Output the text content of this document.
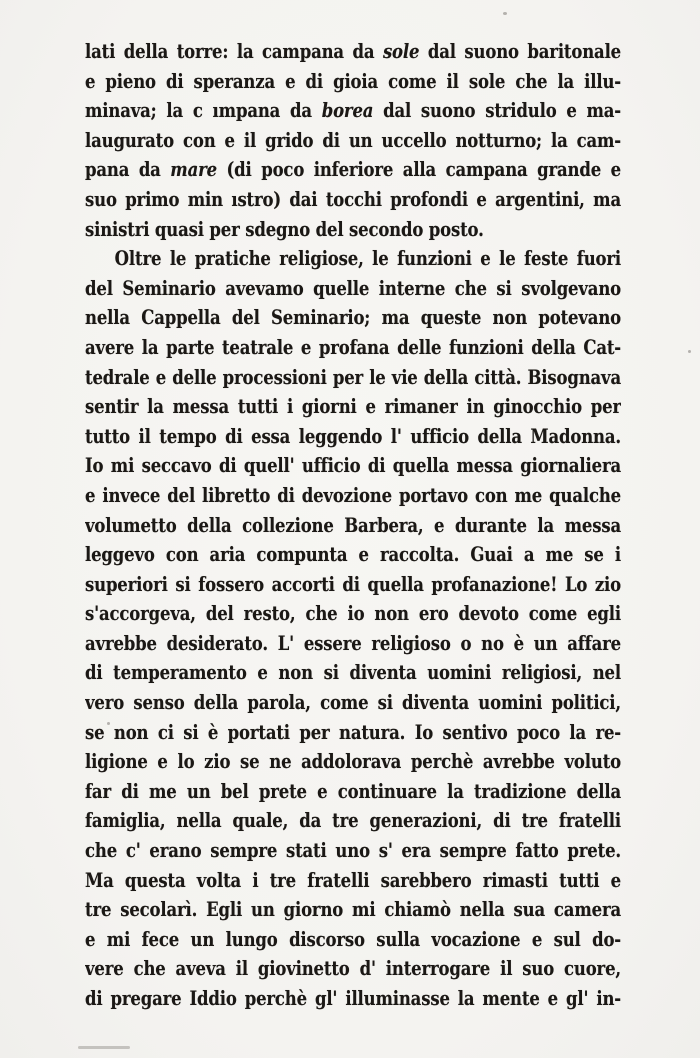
lati della torre: la campana da sole dal suono baritonale
e pieno di speranza e di gioia come il sole che la illu-
minava; la c ımpana da borea dal suono stridulo e ma-
laugurato con e il grido di un uccello notturno; la cam-
pana da mare (di poco inferiore alla campana grande e
suo primo min ıstro) dai tocchi profondi e argentini, ma
sinistri quasi per sdegno del secondo posto.
Oltre le pratiche religiose, le funzioni e le feste fuori
del Seminario avevamo quelle interne che si svolgevano
nella Cappella del Seminario; ma queste non potevano
avere la parte teatrale e profana delle funzioni della Cat-
tedrale e delle processioni per le vie della città. Bisognava
sentir la messa tutti i giorni e rimaner in ginocchio per
tutto il tempo di essa leggendo l' ufficio della Madonna.
Io mi seccavo di quell' ufficio di quella messa giornaliera
e invece del libretto di devozione portavo con me qualche
volumetto della collezione Barbera, e durante la messa
leggevo con aria compunta e raccolta. Guai a me se i
superiori si fossero accorti di quella profanazione! Lo zio
s'accorgeva, del resto, che io non ero devoto come egli
avrebbe desiderato. L' essere religioso o no è un affare
di temperamento e non si diventa uomini religiosi, nel
vero senso della parola, come si diventa uomini politici,
se non ci si è portati per natura. Io sentivo poco la re-
ligione e lo zio se ne addolorava perchè avrebbe voluto
far di me un bel prete e continuare la tradizione della
famiglia, nella quale, da tre generazioni, di tre fratelli
che c' erano sempre stati uno s' era sempre fatto prete.
Ma questa volta i tre fratelli sarebbero rimasti tutti e
tre secolarì. Egli un giorno mi chiamò nella sua camera
e mi fece un lungo discorso sulla vocazione e sul do-
vere che aveva il giovinetto d' interrogare il suo cuore,
di pregare Iddio perchè gl' illuminasse la mente e gl' in-
